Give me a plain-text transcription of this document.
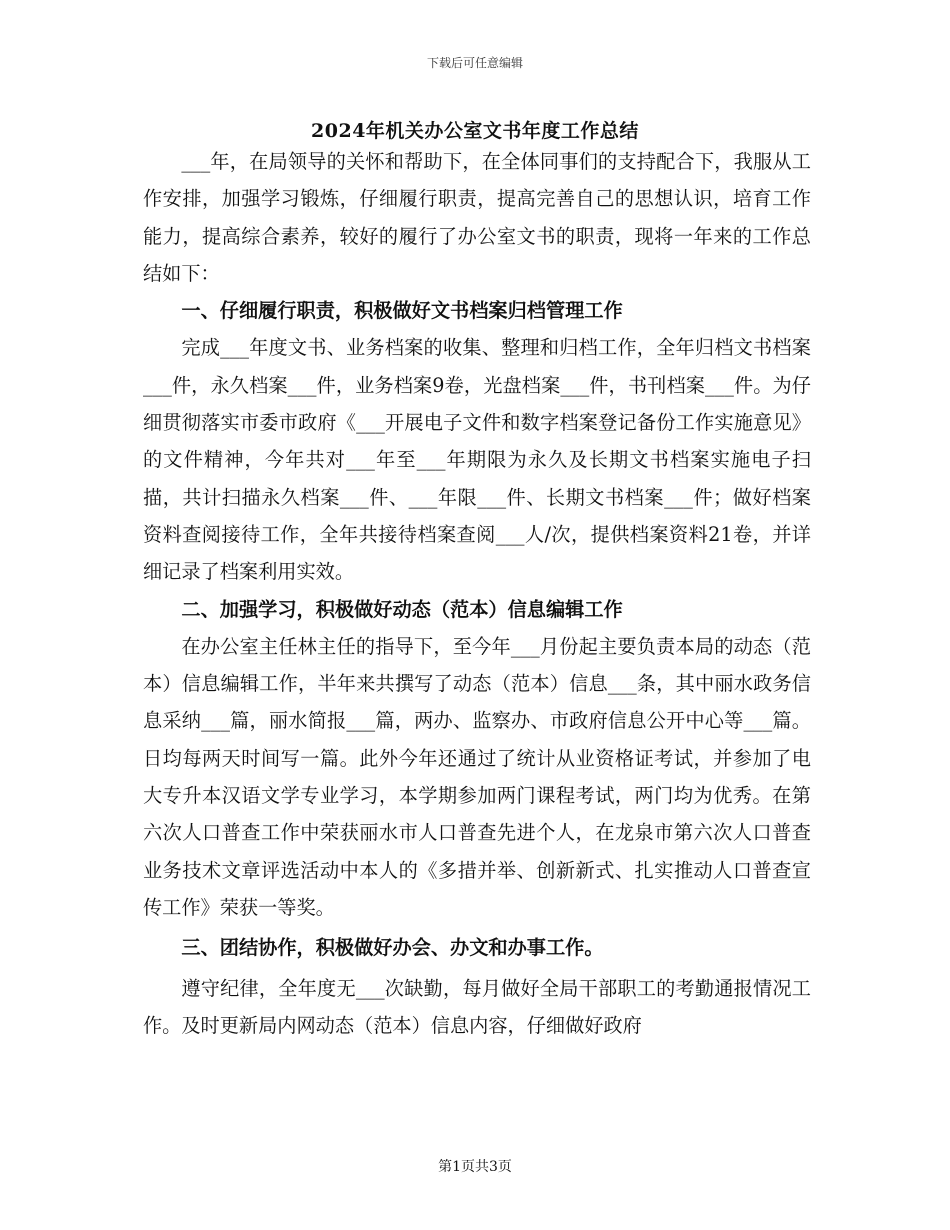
下载后可任意编辑
2024年机关办公室文书年度工作总结

___年，在局领导的关怀和帮助下，在全体同事们的支持配合下，我服从工作安排，加强学习锻炼，仔细履行职责，提高完善自己的思想认识，培育工作能力，提高综合素养，较好的履行了办公室文书的职责，现将一年来的工作总结如下：

一、仔细履行职责，积极做好文书档案归档管理工作

完成___年度文书、业务档案的收集、整理和归档工作，全年归档文书档案___件，永久档案___件，业务档案9卷，光盘档案___件，书刊档案___件。为仔细贯彻落实市委市政府《___开展电子文件和数字档案登记备份工作实施意见》的文件精神，今年共对___年至___年期限为永久及长期文书档案实施电子扫描，共计扫描永久档案___件、___年限___件、长期文书档案___件；做好档案资料查阅接待工作，全年共接待档案查阅___人/次，提供档案资料21卷，并详细记录了档案利用实效。

二、加强学习，积极做好动态（范本）信息编辑工作

在办公室主任林主任的指导下，至今年___月份起主要负责本局的动态（范本）信息编辑工作，半年来共撰写了动态（范本）信息___条，其中丽水政务信息采纳___篇，丽水简报___篇，两办、监察办、市政府信息公开中心等___篇。日均每两天时间写一篇。此外今年还通过了统计从业资格证考试，并参加了电大专升本汉语文学专业学习，本学期参加两门课程考试，两门均为优秀。在第六次人口普查工作中荣获丽水市人口普查先进个人，在龙泉市第六次人口普查业务技术文章评选活动中本人的《多措并举、创新新式、扎实推动人口普查宣传工作》荣获一等奖。

三、团结协作，积极做好办会、办文和办事工作。

遵守纪律，全年度无___次缺勤，每月做好全局干部职工的考勤通报情况工作。及时更新局内网动态（范本）信息内容，仔细做好政府

第1页共3页
